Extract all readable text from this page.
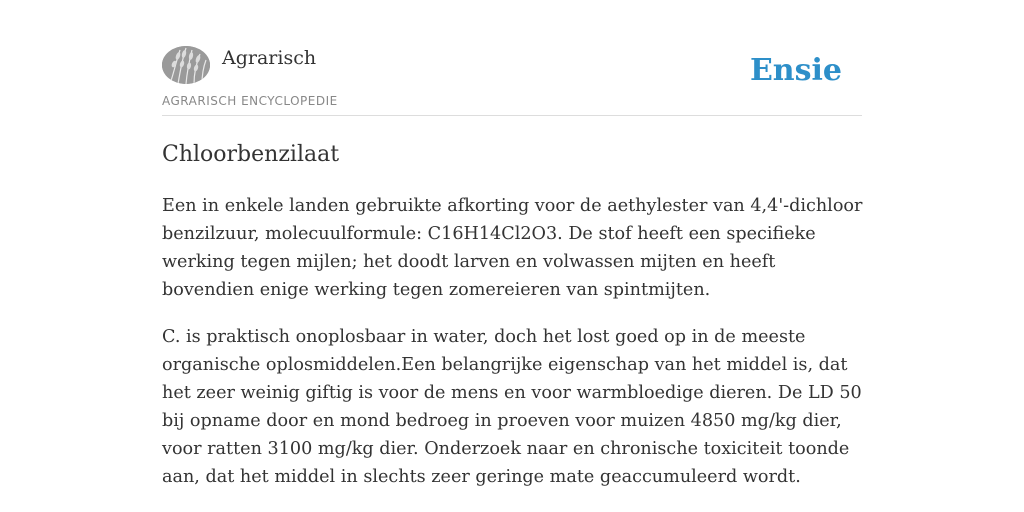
Agrarisch
AGRARISCH ENCYCLOPEDIE
Ensie
Chloorbenzilaat

Een in enkele landen gebruikte afkorting voor de aethylester van 4,4'-dichloor benzilzuur, molecuulformule: C16H14Cl2O3. De stof heeft een specifieke werking tegen mijlen; het doodt larven en volwassen mijten en heeft bovendien enige werking tegen zomereieren van spintmijten.

C. is praktisch onoplosbaar in water, doch het lost goed op in de meeste organische oplosmiddelen.Een belangrijke eigenschap van het middel is, dat het zeer weinig giftig is voor de mens en voor warmbloedige dieren. De LD 50 bij opname door en mond bedroeg in proeven voor muizen 4850 mg/kg dier, voor ratten 3100 mg/kg dier. Onderzoek naar en chronische toxiciteit toonde aan, dat het middel in slechts zeer geringe mate geaccumuleerd wordt.
